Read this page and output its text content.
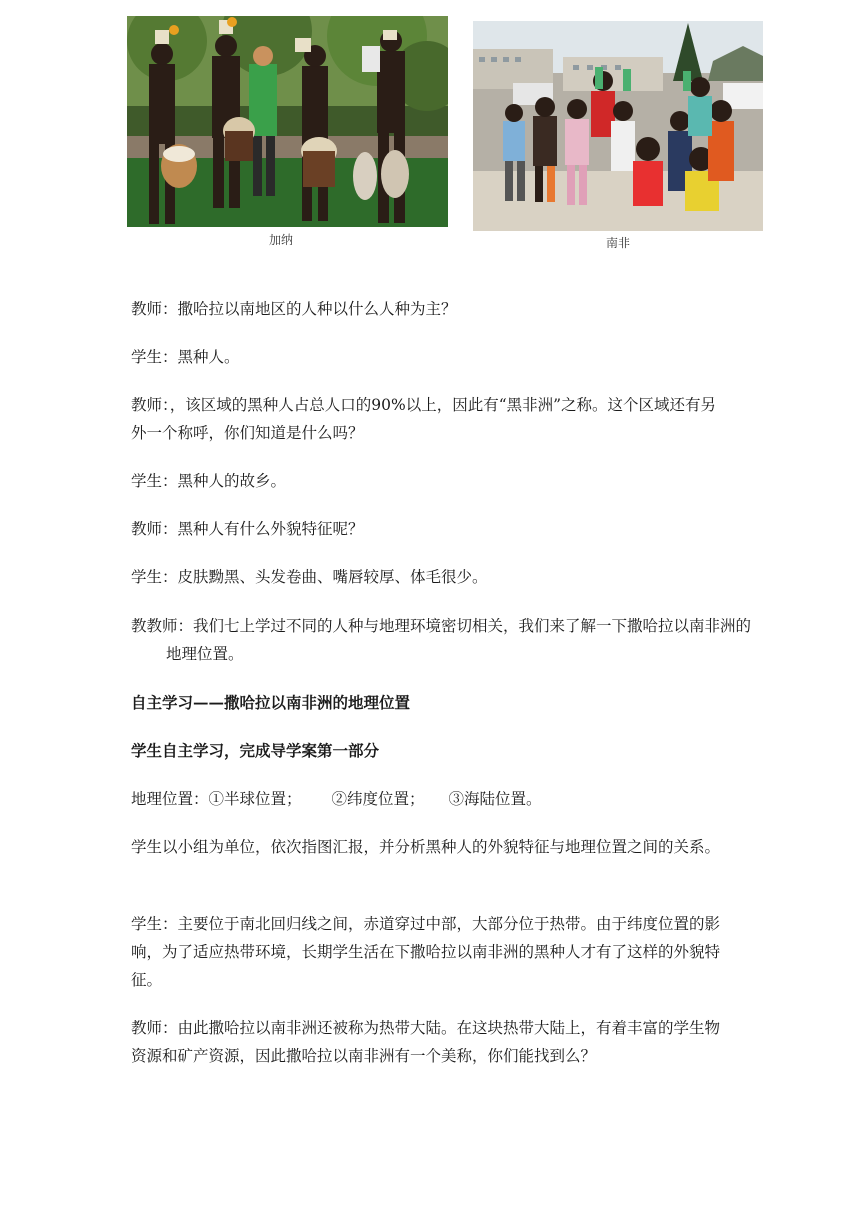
加纳	南非

教师：撒哈拉以南地区的人种以什么人种为主？

学生：黑种人。

教师：，该区域的黑种人占总人口的90%以上，因此有“黑非洲”之称。这个区域还有另外一个称呼，你们知道是什么吗？

学生：黑种人的故乡。

教师：黑种人有什么外貌特征呢？

学生：皮肤黝黑、头发卷曲、嘴唇较厚、体毛很少。

教教师：我们七上学过不同的人种与地理环境密切相关，我们来了解一下撒哈拉以南非洲的地理位置。

自主学习——撒哈拉以南非洲的地理位置

学生自主学习，完成导学案第一部分

地理位置：①半球位置； ②纬度位置； ③海陆位置。

学生以小组为单位，依次指图汇报，并分析黑种人的外貌特征与地理位置之间的关系。

学生：主要位于南北回归线之间，赤道穿过中部，大部分位于热带。由于纬度位置的影响，为了适应热带环境，长期学生活在下撒哈拉以南非洲的黑种人才有了这样的外貌特征。

教师：由此撒哈拉以南非洲还被称为热带大陆。在这块热带大陆上，有着丰富的学生物资源和矿产资源，因此撒哈拉以南非洲有一个美称，你们能找到么？
